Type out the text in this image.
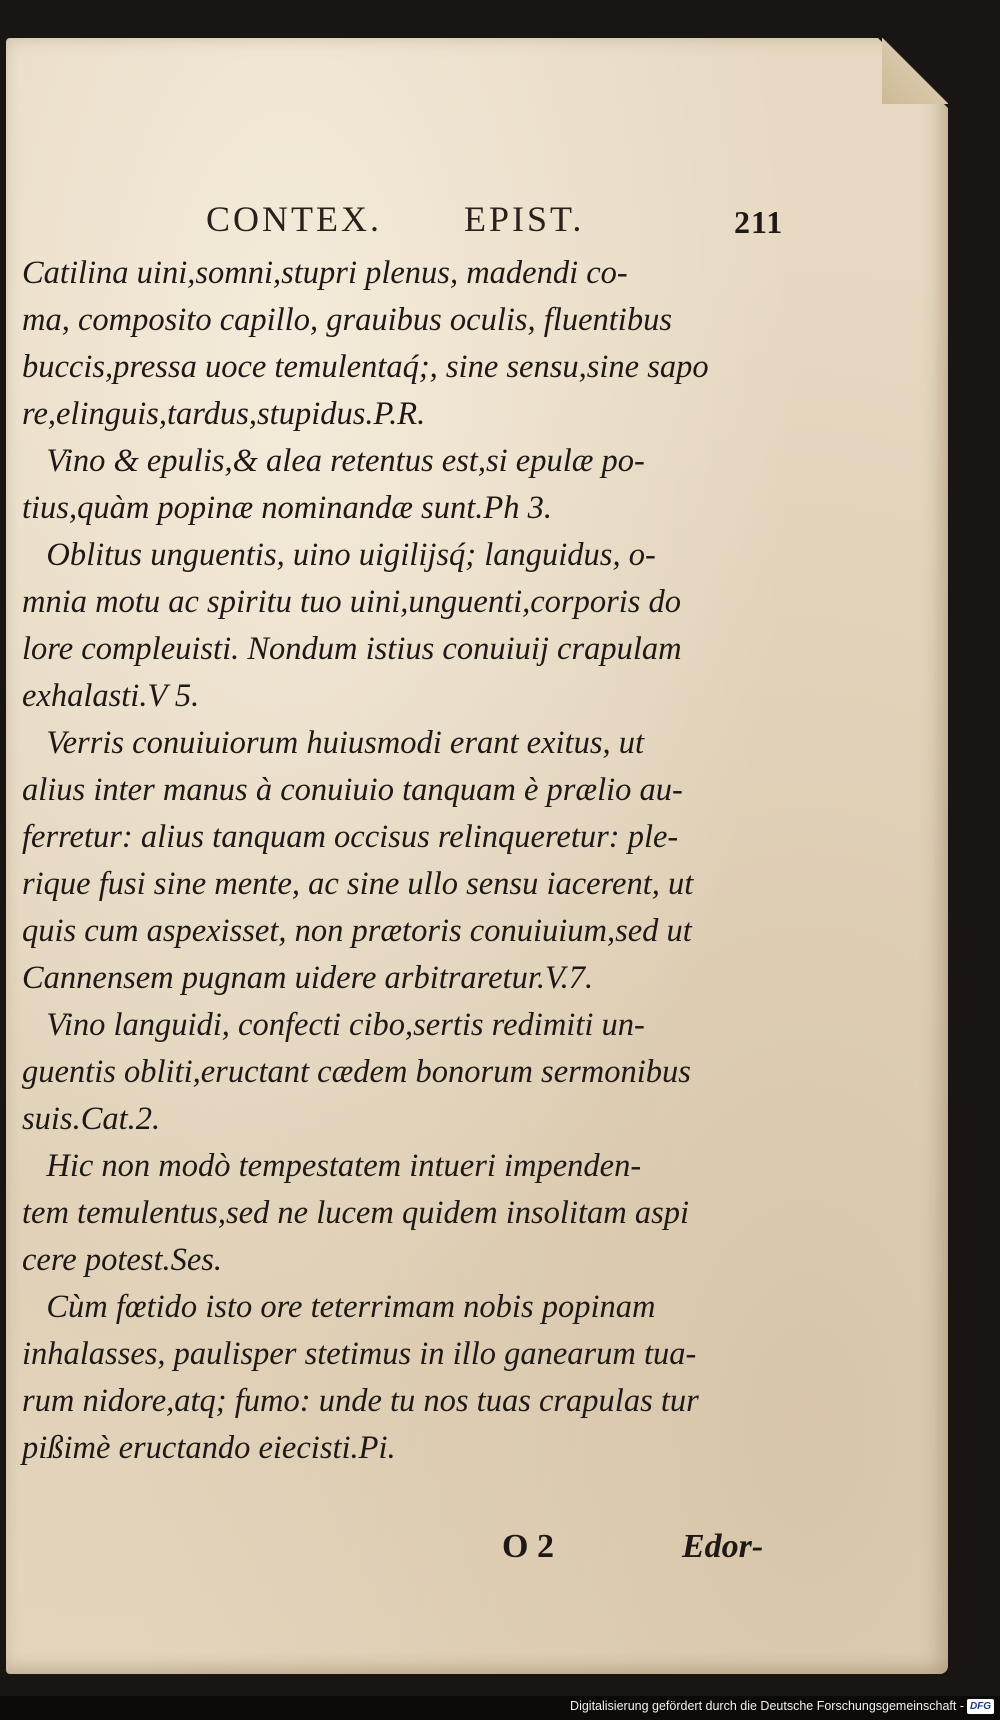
CONTEX. EPIST.	211
Catilina uini,somni,stupri plenus, madendi co-
ma, composito capillo, grauibus oculis, fluentibus
buccis,pressa uoce temulentaq́;, sine sensu,sine sapo
re,elinguis,tardus,stupidus.P.R.
Vino & epulis,& alea retentus est,si epulæ po-
tius,quàm popinæ nominandæ sunt.Ph 3.
Oblitus unguentis, uino uigilijsq́; languidus, o-
mnia motu ac spiritu tuo uini,unguenti,corporis do
lore compleuisti. Nondum istius conuiuij crapulam
exhalasti.V 5.
Verris conuiuiorum huiusmodi erant exitus, ut
alius inter manus à conuiuio tanquam è prælio au-
ferretur: alius tanquam occisus relinqueretur: ple-
rique fusi sine mente, ac sine ullo sensu iacerent, ut
quis cum aspexisset, non prætoris conuiuium,sed ut
Cannensem pugnam uidere arbitraretur.V.7.
Vino languidi, confecti cibo,sertis redimiti un-
guentis obliti,eructant cædem bonorum sermonibus
suis.Cat.2.
Hic non modò tempestatem intueri impenden-
tem temulentus,sed ne lucem quidem insolitam aspi
cere potest.Ses.
Cùm fœtido isto ore teterrimam nobis popinam
inhalasses, paulisper stetimus in illo ganearum tua-
rum nidore,atq; fumo: unde tu nos tuas crapulas tur
pißimè eructando eiecisti.Pi.
O 2	Edor-
Digitalisierung gefördert durch die Deutsche Forschungsgemeinschaft - DFG
